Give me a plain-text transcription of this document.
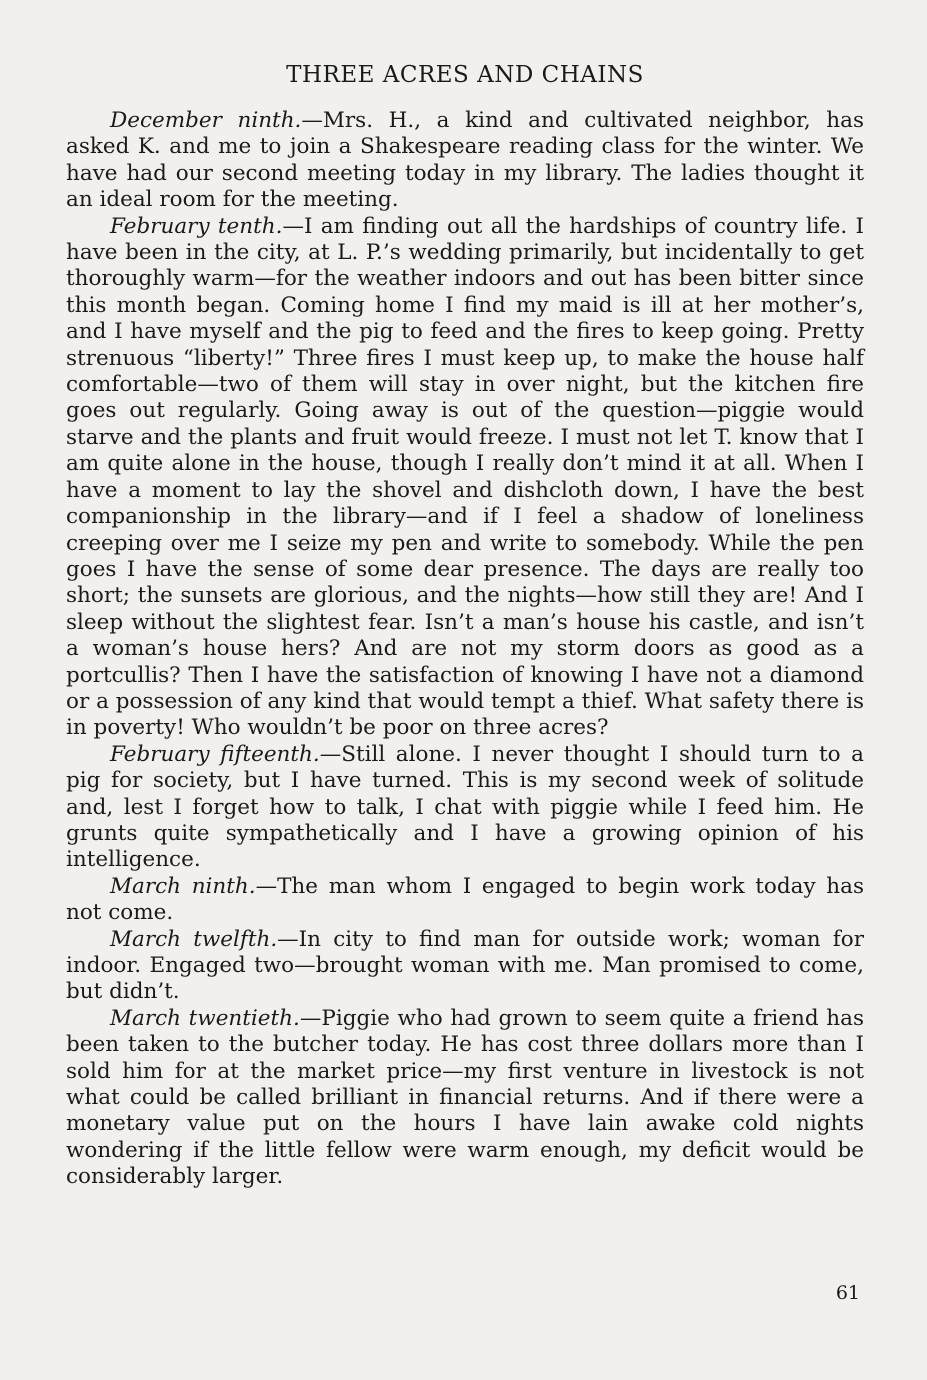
THREE ACRES AND CHAINS

December ninth.—Mrs. H., a kind and cultivated neighbor, has asked K. and me to join a Shakespeare reading class for the winter. We have had our second meeting today in my library. The ladies thought it an ideal room for the meeting.

February tenth.—I am finding out all the hardships of country life. I have been in the city, at L. P.’s wedding primarily, but incidentally to get thoroughly warm—for the weather indoors and out has been bitter since this month began. Coming home I find my maid is ill at her mother’s, and I have myself and the pig to feed and the fires to keep going. Pretty strenuous “liberty!” Three fires I must keep up, to make the house half comfortable—two of them will stay in over night, but the kitchen fire goes out regularly. Going away is out of the question—piggie would starve and the plants and fruit would freeze. I must not let T. know that I am quite alone in the house, though I really don’t mind it at all. When I have a moment to lay the shovel and dishcloth down, I have the best companionship in the library—and if I feel a shadow of loneliness creeping over me I seize my pen and write to somebody. While the pen goes I have the sense of some dear presence. The days are really too short; the sunsets are glorious, and the nights—how still they are! And I sleep without the slightest fear. Isn’t a man’s house his castle, and isn’t a woman’s house hers? And are not my storm doors as good as a portcullis? Then I have the satisfaction of knowing I have not a diamond or a possession of any kind that would tempt a thief. What safety there is in poverty! Who wouldn’t be poor on three acres?

February fifteenth.—Still alone. I never thought I should turn to a pig for society, but I have turned. This is my second week of solitude and, lest I forget how to talk, I chat with piggie while I feed him. He grunts quite sympathetically and I have a growing opinion of his intelligence.

March ninth.—The man whom I engaged to begin work today has not come.

March twelfth.—In city to find man for outside work; woman for indoor. Engaged two—brought woman with me. Man promised to come, but didn’t.

March twentieth.—Piggie who had grown to seem quite a friend has been taken to the butcher today. He has cost three dollars more than I sold him for at the market price—my first venture in livestock is not what could be called brilliant in financial returns. And if there were a monetary value put on the hours I have lain awake cold nights wondering if the little fellow were warm enough, my deficit would be considerably larger.

61
